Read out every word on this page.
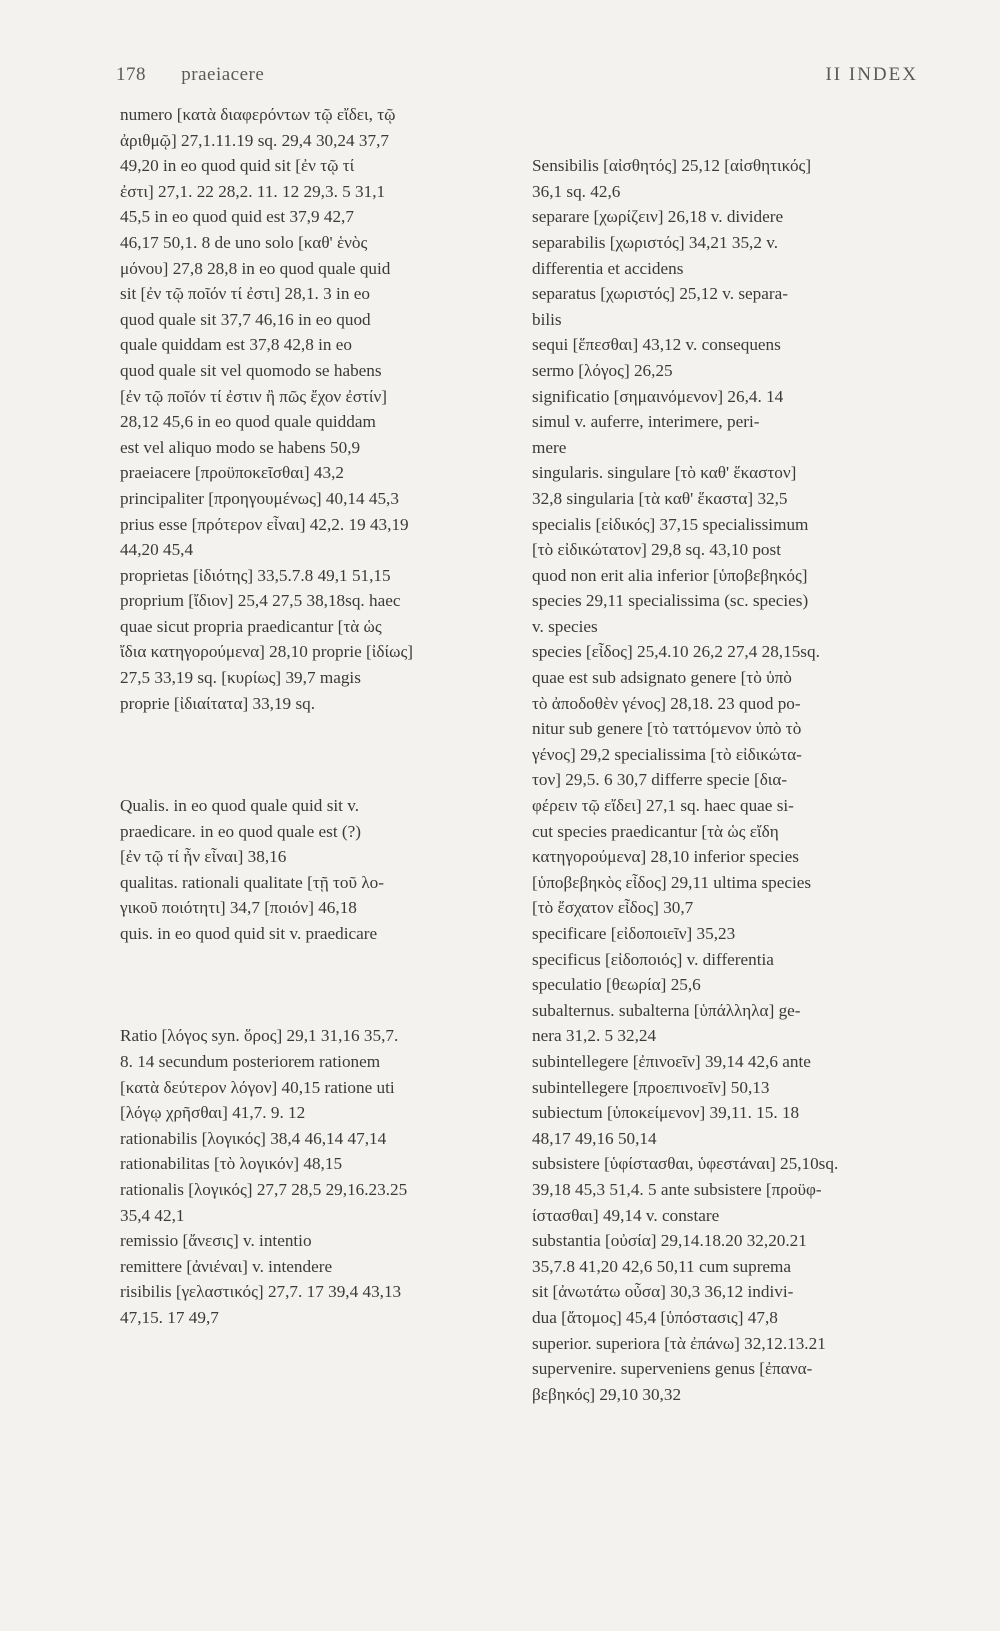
178 praeiacere	II INDEX
numero [κατὰ διαφερόντων τῷ εἴδει, τῷ
ἀριθμῷ] 27,1.11.19 sq. 29,4 30,24 37,7
49,20 in eo quod quid sit [ἐν τῷ τί
ἐστι] 27,1. 22 28,2. 11. 12 29,3. 5 31,1
45,5 in eo quod quid est 37,9 42,7
46,17 50,1. 8 de uno solo [καθ' ἑνὸς
μόνου] 27,8 28,8 in eo quod quale quid
sit [ἐν τῷ ποῖόν τί ἐστι] 28,1. 3 in eo
quod quale sit 37,7 46,16 in eo quod
quale quiddam est 37,8 42,8 in eo
quod quale sit vel quomodo se habens
[ἐν τῷ ποῖόν τί ἐστιν ἢ πῶς ἔχον ἐστίν]
28,12 45,6 in eo quod quale quiddam
est vel aliquo modo se habens 50,9
praeiacere [προϋποκεῖσθαι] 43,2
principaliter [προηγουμένως] 40,14 45,3
prius esse [πρότερον εἶναι] 42,2. 19 43,19
44,20 45,4
proprietas [ἰδιότης] 33,5.7.8 49,1 51,15
proprium [ἴδιον] 25,4 27,5 38,18sq. haec
quae sicut propria praedicantur [τὰ ὡς
ἴδια κατηγορούμενα] 28,10 proprie [ἰδίως]
27,5 33,19 sq. [κυρίως] 39,7 magis
proprie [ἰδιαίτατα] 33,19 sq.
Qualis. in eo quod quale quid sit v.
praedicare. in eo quod quale est (?)
[ἐν τῷ τί ἦν εἶναι] 38,16
qualitas. rationali qualitate [τῇ τοῦ λο-
γικοῦ ποιότητι] 34,7 [ποιόν] 46,18
quis. in eo quod quid sit v. praedicare
Ratio [λόγος syn. ὅρος] 29,1 31,16 35,7.
8. 14 secundum posteriorem rationem
[κατὰ δεύτερον λόγον] 40,15 ratione uti
[λόγῳ χρῆσθαι] 41,7. 9. 12
rationabilis [λογικός] 38,4 46,14 47,14
rationabilitas [τὸ λογικόν] 48,15
rationalis [λογικός] 27,7 28,5 29,16.23.25
35,4 42,1
remissio [ἄνεσις] v. intentio
remittere [ἀνιέναι] v. intendere
risibilis [γελαστικός] 27,7. 17 39,4 43,13
47,15. 17 49,7
Sensibilis [αἰσθητός] 25,12 [αἰσθητικός]
36,1 sq. 42,6
separare [χωρίζειν] 26,18 v. dividere
separabilis [χωριστός] 34,21 35,2 v.
differentia et accidens
separatus [χωριστός] 25,12 v. separa-
bilis
sequi [ἕπεσθαι] 43,12 v. consequens
sermo [λόγος] 26,25
significatio [σημαινόμενον] 26,4. 14
simul v. auferre, interimere, peri-
mere
singularis. singulare [τὸ καθ' ἕκαστον]
32,8 singularia [τὰ καθ' ἕκαστα] 32,5
specialis [εἰδικός] 37,15 specialissimum
[τὸ εἰδικώτατον] 29,8 sq. 43,10 post
quod non erit alia inferior [ὑποβεβηκός]
species 29,11 specialissima (sc. species)
v. species
species [εἶδος] 25,4.10 26,2 27,4 28,15sq.
quae est sub adsignato genere [τὸ ὑπὸ
τὸ ἀποδοθὲν γένος] 28,18. 23 quod po-
nitur sub genere [τὸ ταττόμενον ὑπὸ τὸ
γένος] 29,2 specialissima [τὸ εἰδικώτα-
τον] 29,5. 6 30,7 differre specie [δια-
φέρειν τῷ εἴδει] 27,1 sq. haec quae si-
cut species praedicantur [τὰ ὡς εἴδη
κατηγορούμενα] 28,10 inferior species
[ὑποβεβηκὸς εἶδος] 29,11 ultima species
[τὸ ἔσχατον εἶδος] 30,7
specificare [εἰδοποιεῖν] 35,23
specificus [εἰδοποιός] v. differentia
speculatio [θεωρία] 25,6
subalternus. subalterna [ὑπάλληλα] ge-
nera 31,2. 5 32,24
subintellegere [ἐπινοεῖν] 39,14 42,6 ante
subintellegere [προεπινοεῖν] 50,13
subiectum [ὑποκείμενον] 39,11. 15. 18
48,17 49,16 50,14
subsistere [ὑφίστασθαι, ὑφεστάναι] 25,10sq.
39,18 45,3 51,4. 5 ante subsistere [προϋφ-
ίστασθαι] 49,14 v. constare
substantia [οὐσία] 29,14.18.20 32,20.21
35,7.8 41,20 42,6 50,11 cum suprema
sit [ἀνωτάτω οὖσα] 30,3 36,12 indivi-
dua [ἄτομος] 45,4 [ὑπόστασις] 47,8
superior. superiora [τὰ ἐπάνω] 32,12.13.21
supervenire. superveniens genus [ἐπανα-
βεβηκός] 29,10 30,32
